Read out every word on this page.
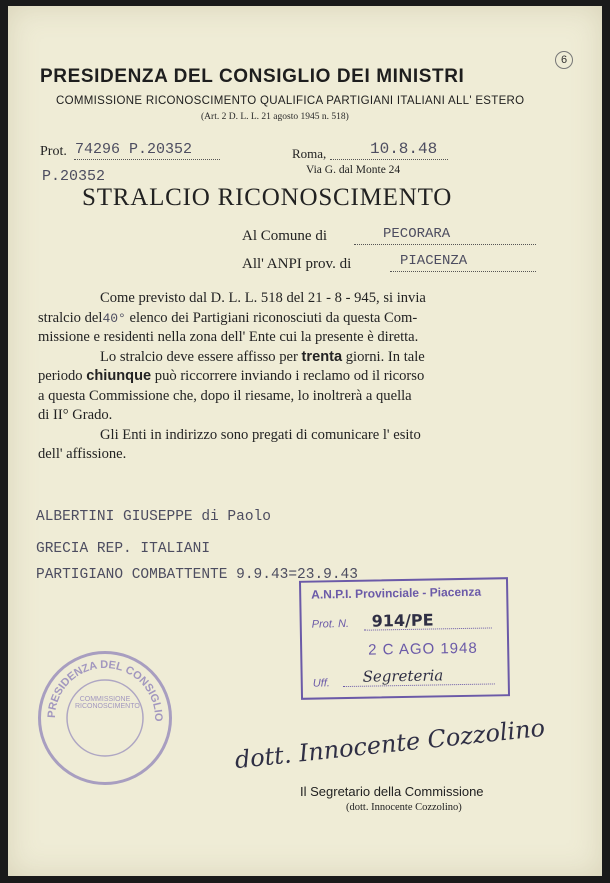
6
PRESIDENZA DEL CONSIGLIO DEI MINISTRI
COMMISSIONE RICONOSCIMENTO QUALIFICA PARTIGIANI ITALIANI ALL' ESTERO
(Art. 2 D. L. L. 21 agosto 1945 n. 518)
Prot. 74296 P.20352
P.20352
Roma,	10.8.48
Via G. dal Monte 24
STRALCIO RICONOSCIMENTO
Al Comune di	PECORARA
All' ANPI prov. di	PIACENZA
Come previsto dal D. L. L. 518 del 21 - 8 - 945, si invia
stralcio del40° elenco dei Partigiani riconosciuti da questa Com-
missione e residenti nella zona dell' Ente cui la presente è diretta.
Lo stralcio deve essere affisso per trenta giorni. In tale
periodo chiunque può riccorrere inviando i reclamo od il ricorso
a questa Commissione che, dopo il riesame, lo inoltrerà a quella
di II° Grado.
Gli Enti in indirizzo sono pregati di comunicare l' esito
dell' affissione.
ALBERTINI GIUSEPPE di Paolo
GRECIA REP. ITALIANI
PARTIGIANO COMBATTENTE 9.9.43=23.9.43
A.N.P.I. Provinciale - Piacenza
Prot. N. 914/PE
2 C AGO 1948
Uff. Segreteria
PRESIDENZA DEL CONSIGLIO
COMMISSIONE RICONOSCIMENTO
dott. Innocente Cozzolino
Il Segretario della Commissione
(dott. Innocente Cozzolino)
